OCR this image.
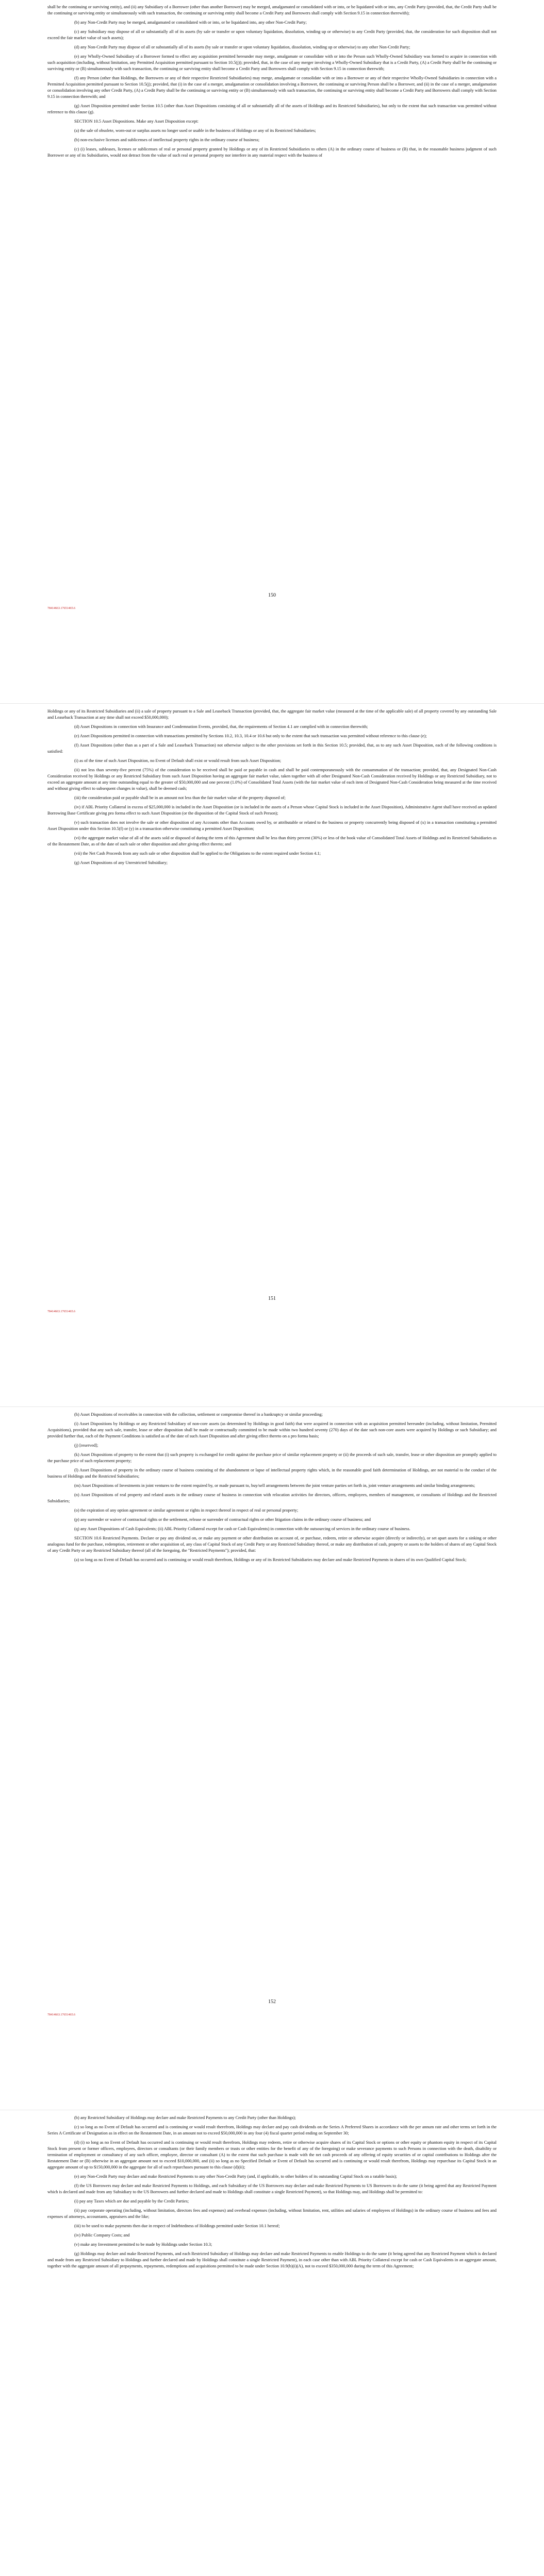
shall be the continuing or surviving entity), and (ii) any Subsidiary of a Borrower (other than another Borrower) may be merged, amalgamated or consolidated with or into, or be liquidated with or into, any Credit Party (provided, that, the Credit Party shall be the continuing or surviving entity or simultaneously with such transaction, the continuing or surviving entity shall become a Credit Party and Borrowers shall comply with Section 9.15 in connection therewith);

(b) any Non-Credit Party may be merged, amalgamated or consolidated with or into, or be liquidated into, any other Non-Credit Party;

(c) any Subsidiary may dispose of all or substantially all of its assets (by sale or transfer or upon voluntary liquidation, dissolution, winding up or otherwise) to any Credit Party (provided, that, the consideration for such disposition shall not exceed the fair market value of such assets);

(d) any Non-Credit Party may dispose of all or substantially all of its assets (by sale or transfer or upon voluntary liquidation, dissolution, winding up or otherwise) to any other Non-Credit Party;

(e) any Wholly-Owned Subsidiary of a Borrower formed to effect any acquisition permitted hereunder may merge, amalgamate or consolidate with or into the Person such Wholly-Owned Subsidiary was formed to acquire in connection with such acquisition (including, without limitation, any Permitted Acquisition permitted pursuant to Section 10.5(j)); provided, that, in the case of any merger involving a Wholly-Owned Subsidiary that is a Credit Party, (A) a Credit Party shall be the continuing or surviving entity or (B) simultaneously with such transaction, the continuing or surviving entity shall become a Credit Party and Borrowers shall comply with Section 9.15 in connection therewith;

(f) any Person (other than Holdings, the Borrowers or any of their respective Restricted Subsidiaries) may merge, amalgamate or consolidate with or into a Borrower or any of their respective Wholly-Owned Subsidiaries in connection with a Permitted Acquisition permitted pursuant to Section 10.5(j); provided, that (i) in the case of a merger, amalgamation or consolidation involving a Borrower, the continuing or surviving Person shall be a Borrower, and (ii) in the case of a merger, amalgamation or consolidation involving any other Credit Party, (A) a Credit Party shall be the continuing or surviving entity or (B) simultaneously with such transaction, the continuing or surviving entity shall become a Credit Party and Borrowers shall comply with Section 9.15 in connection therewith; and

(g) Asset Disposition permitted under Section 10.5 (other than Asset Dispositions consisting of all or substantially all of the assets of Holdings and its Restricted Subsidiaries), but only to the extent that such transaction was permitted without reference to this clause (g).

SECTION 10.5 Asset Dispositions. Make any Asset Disposition except:

(a) the sale of obsolete, worn-out or surplus assets no longer used or usable in the business of Holdings or any of its Restricted Subsidiaries;

(b) non-exclusive licenses and sublicenses of intellectual property rights in the ordinary course of business;

(c) (i) leases, subleases, licenses or sublicenses of real or personal property granted by Holdings or any of its Restricted Subsidiaries to others (A) in the ordinary course of business or (B) that, in the reasonable business judgment of such Borrower or any of its Subsidiaries, would not detract from the value of such real or personal property nor interfere in any material respect with the business of

150
78414663.17651465.6

Holdings or any of its Restricted Subsidiaries and (ii) a sale of property pursuant to a Sale and Leaseback Transaction (provided, that, the aggregate fair market value (measured at the time of the applicable sale) of all property covered by any outstanding Sale and Leaseback Transaction at any time shall not exceed $50,000,000);

(d) Asset Dispositions in connection with Insurance and Condemnation Events, provided, that, the requirements of Section 4.1 are complied with in connection therewith;

(e) Asset Dispositions permitted in connection with transactions permitted by Sections 10.2, 10.3, 10.4 or 10.6 but only to the extent that such transaction was permitted without reference to this clause (e);

(f) Asset Dispositions (other than as a part of a Sale and Leaseback Transaction) not otherwise subject to the other provisions set forth in this Section 10.5; provided, that, as to any such Asset Disposition, each of the following conditions is satisfied:

(i) as of the time of such Asset Disposition, no Event of Default shall exist or would result from such Asset Disposition;

(ii) not less than seventy-five percent (75%) of the consideration to be received shall be paid or payable in cash and shall be paid contemporaneously with the consummation of the transaction; provided, that, any Designated Non-Cash Consideration received by Holdings or any Restricted Subsidiary from such Asset Disposition having an aggregate fair market value, taken together with all other Designated Non-Cash Consideration received by Holdings or any Restricted Subsidiary, not to exceed an aggregate amount at any time outstanding equal to the greater of $50,000,000 and one percent (1.0%) of Consolidated Total Assets (with the fair market value of each item of Designated Non-Cash Consideration being measured at the time received and without giving effect to subsequent changes in value), shall be deemed cash;

(iii) the consideration paid or payable shall be in an amount not less than the fair market value of the property disposed of;

(iv) if ABL Priority Collateral in excess of $25,000,000 is included in the Asset Disposition (or is included in the assets of a Person whose Capital Stock is included in the Asset Disposition), Administrative Agent shall have received an updated Borrowing Base Certificate giving pro forma effect to such Asset Disposition (or the disposition of the Capital Stock of such Person);

(v) such transaction does not involve the sale or other disposition of any Accounts other than Accounts owed by, or attributable or related to the business or property concurrently being disposed of (x) in a transaction constituting a permitted Asset Disposition under this Section 10.5(f) or (y) in a transaction otherwise constituting a permitted Asset Disposition;

(vi) the aggregate market value of all of the assets sold or disposed of during the term of this Agreement shall be less than thirty percent (30%) or less of the book value of Consolidated Total Assets of Holdings and its Restricted Subsidiaries as of the Restatement Date, as of the date of such sale or other disposition and after giving effect thereto; and

(vii) the Net Cash Proceeds from any such sale or other disposition shall be applied to the Obligations to the extent required under Section 4.1;

(g) Asset Dispositions of any Unrestricted Subsidiary;

151
78414663.17651465.6

(h) Asset Dispositions of receivables in connection with the collection, settlement or compromise thereof in a bankruptcy or similar proceeding;

(i) Asset Dispositions by Holdings or any Restricted Subsidiary of non-core assets (as determined by Holdings in good faith) that were acquired in connection with an acquisition permitted hereunder (including, without limitation, Permitted Acquisitions), provided that any such sale, transfer, lease or other disposition shall be made or contractually committed to be made within two hundred seventy (270) days of the date such non-core assets were acquired by Holdings or such Subsidiary; and provided further that, each of the Payment Conditions is satisfied as of the date of such Asset Disposition and after giving effect thereto on a pro forma basis;

(j) [reserved];

(k) Asset Dispositions of property to the extent that (i) such property is exchanged for credit against the purchase price of similar replacement property or (ii) the proceeds of such sale, transfer, lease or other disposition are promptly applied to the purchase price of such replacement property;

(l) Asset Dispositions of property in the ordinary course of business consisting of the abandonment or lapse of intellectual property rights which, in the reasonable good faith determination of Holdings, are not material to the conduct of the business of Holdings and the Restricted Subsidiaries;

(m) Asset Dispositions of Investments in joint ventures to the extent required by, or made pursuant to, buy/sell arrangements between the joint venture parties set forth in, joint venture arrangements and similar binding arrangements;

(n) Asset Dispositions of real property and related assets in the ordinary course of business in connection with relocation activities for directors, officers, employees, members of management, or consultants of Holdings and the Restricted Subsidiaries;

(o) the expiration of any option agreement or similar agreement or rights in respect thereof in respect of real or personal property;

(p) any surrender or waiver of contractual rights or the settlement, release or surrender of contractual rights or other litigation claims in the ordinary course of business; and

(q) any Asset Dispositions of Cash Equivalents; (ii) ABL Priority Collateral except for cash or Cash Equivalents) in connection with the outsourcing of services in the ordinary course of business.

SECTION 10.6 Restricted Payments. Declare or pay any dividend on, or make any payment or other distribution on account of, or purchase, redeem, retire or otherwise acquire (directly or indirectly), or set apart assets for a sinking or other analogous fund for the purchase, redemption, retirement or other acquisition of, any class of Capital Stock of any Credit Party or any Restricted Subsidiary thereof, or make any distribution of cash, property or assets to the holders of shares of any Capital Stock of any Credit Party or any Restricted Subsidiary thereof (all of the foregoing, the "Restricted Payments"); provided, that:

(a) so long as no Event of Default has occurred and is continuing or would result therefrom, Holdings or any of its Restricted Subsidiaries may declare and make Restricted Payments in shares of its own Qualified Capital Stock;

152
78414663.17651465.6

(b) any Restricted Subsidiary of Holdings may declare and make Restricted Payments to any Credit Party (other than Holdings);

(c) so long as no Event of Default has occurred and is continuing or would result therefrom, Holdings may declare and pay cash dividends on the Series A Preferred Shares in accordance with the per annum rate and other terms set forth in the Series A Certificate of Designation as in effect on the Restatement Date, in an amount not to exceed $50,000,000 in any four (4) fiscal quarter period ending on September 30;

(d) (i) so long as no Event of Default has occurred and is continuing or would result therefrom, Holdings may redeem, retire or otherwise acquire shares of its Capital Stock or options or other equity or phantom equity in respect of its Capital Stock from present or former officers, employees, directors or consultants (or their family members or trusts or other entities for the benefit of any of the foregoing) or make severance payments to such Persons in connection with the death, disability or termination of employment or consultancy of any such officer, employee, director or consultant (A) to the extent that such purchase is made with the net cash proceeds of any offering of equity securities of or capital contributions to Holdings after the Restatement Date or (B) otherwise in an aggregate amount not to exceed $10,000,000, and (ii) so long as no Specified Default or Event of Default has occurred and is continuing or would result therefrom, Holdings may repurchase its Capital Stock in an aggregate amount of up to $150,000,000 in the aggregate for all of such repurchases pursuant to this clause (d)(ii);

(e) any Non-Credit Party may declare and make Restricted Payments to any other Non-Credit Party (and, if applicable, to other holders of its outstanding Capital Stock on a ratable basis);

(f) the US Borrowers may declare and make Restricted Payments to Holdings, and each Subsidiary of the US Borrowers may declare and make Restricted Payments to US Borrowers to do the same (it being agreed that any Restricted Payment which is declared and made from any Subsidiary to the US Borrowers and further declared and made to Holdings shall constitute a single Restricted Payment), so that Holdings may, and Holdings shall be permitted to:

(i) pay any Taxes which are due and payable by the Credit Parties;

(ii) pay corporate operating (including, without limitation, directors fees and expenses) and overhead expenses (including, without limitation, rent, utilities and salaries of employees of Holdings) in the ordinary course of business and fees and expenses of attorneys, accountants, appraisers and the like;

(iii) to be used to make payments then due in respect of Indebtedness of Holdings permitted under Section 10.1 hereof;

(iv) Public Company Costs; and

(v) make any Investment permitted to be made by Holdings under Section 10.3;

(g) Holdings may declare and make Restricted Payments, and each Restricted Subsidiary of Holdings may declare and make Restricted Payments to enable Holdings to do the same (it being agreed that any Restricted Payment which is declared and made from any Restricted Subsidiary to Holdings and further declared and made by Holdings shall constitute a single Restricted Payment), in each case other than with ABL Priority Collateral except for cash or Cash Equivalents in an aggregate amount, together with the aggregate amount of all prepayments, repayments, redemptions and acquisitions permitted to be made under Section 10.9(b)(i)(A), not to exceed $350,000,000 during the term of this Agreement;
